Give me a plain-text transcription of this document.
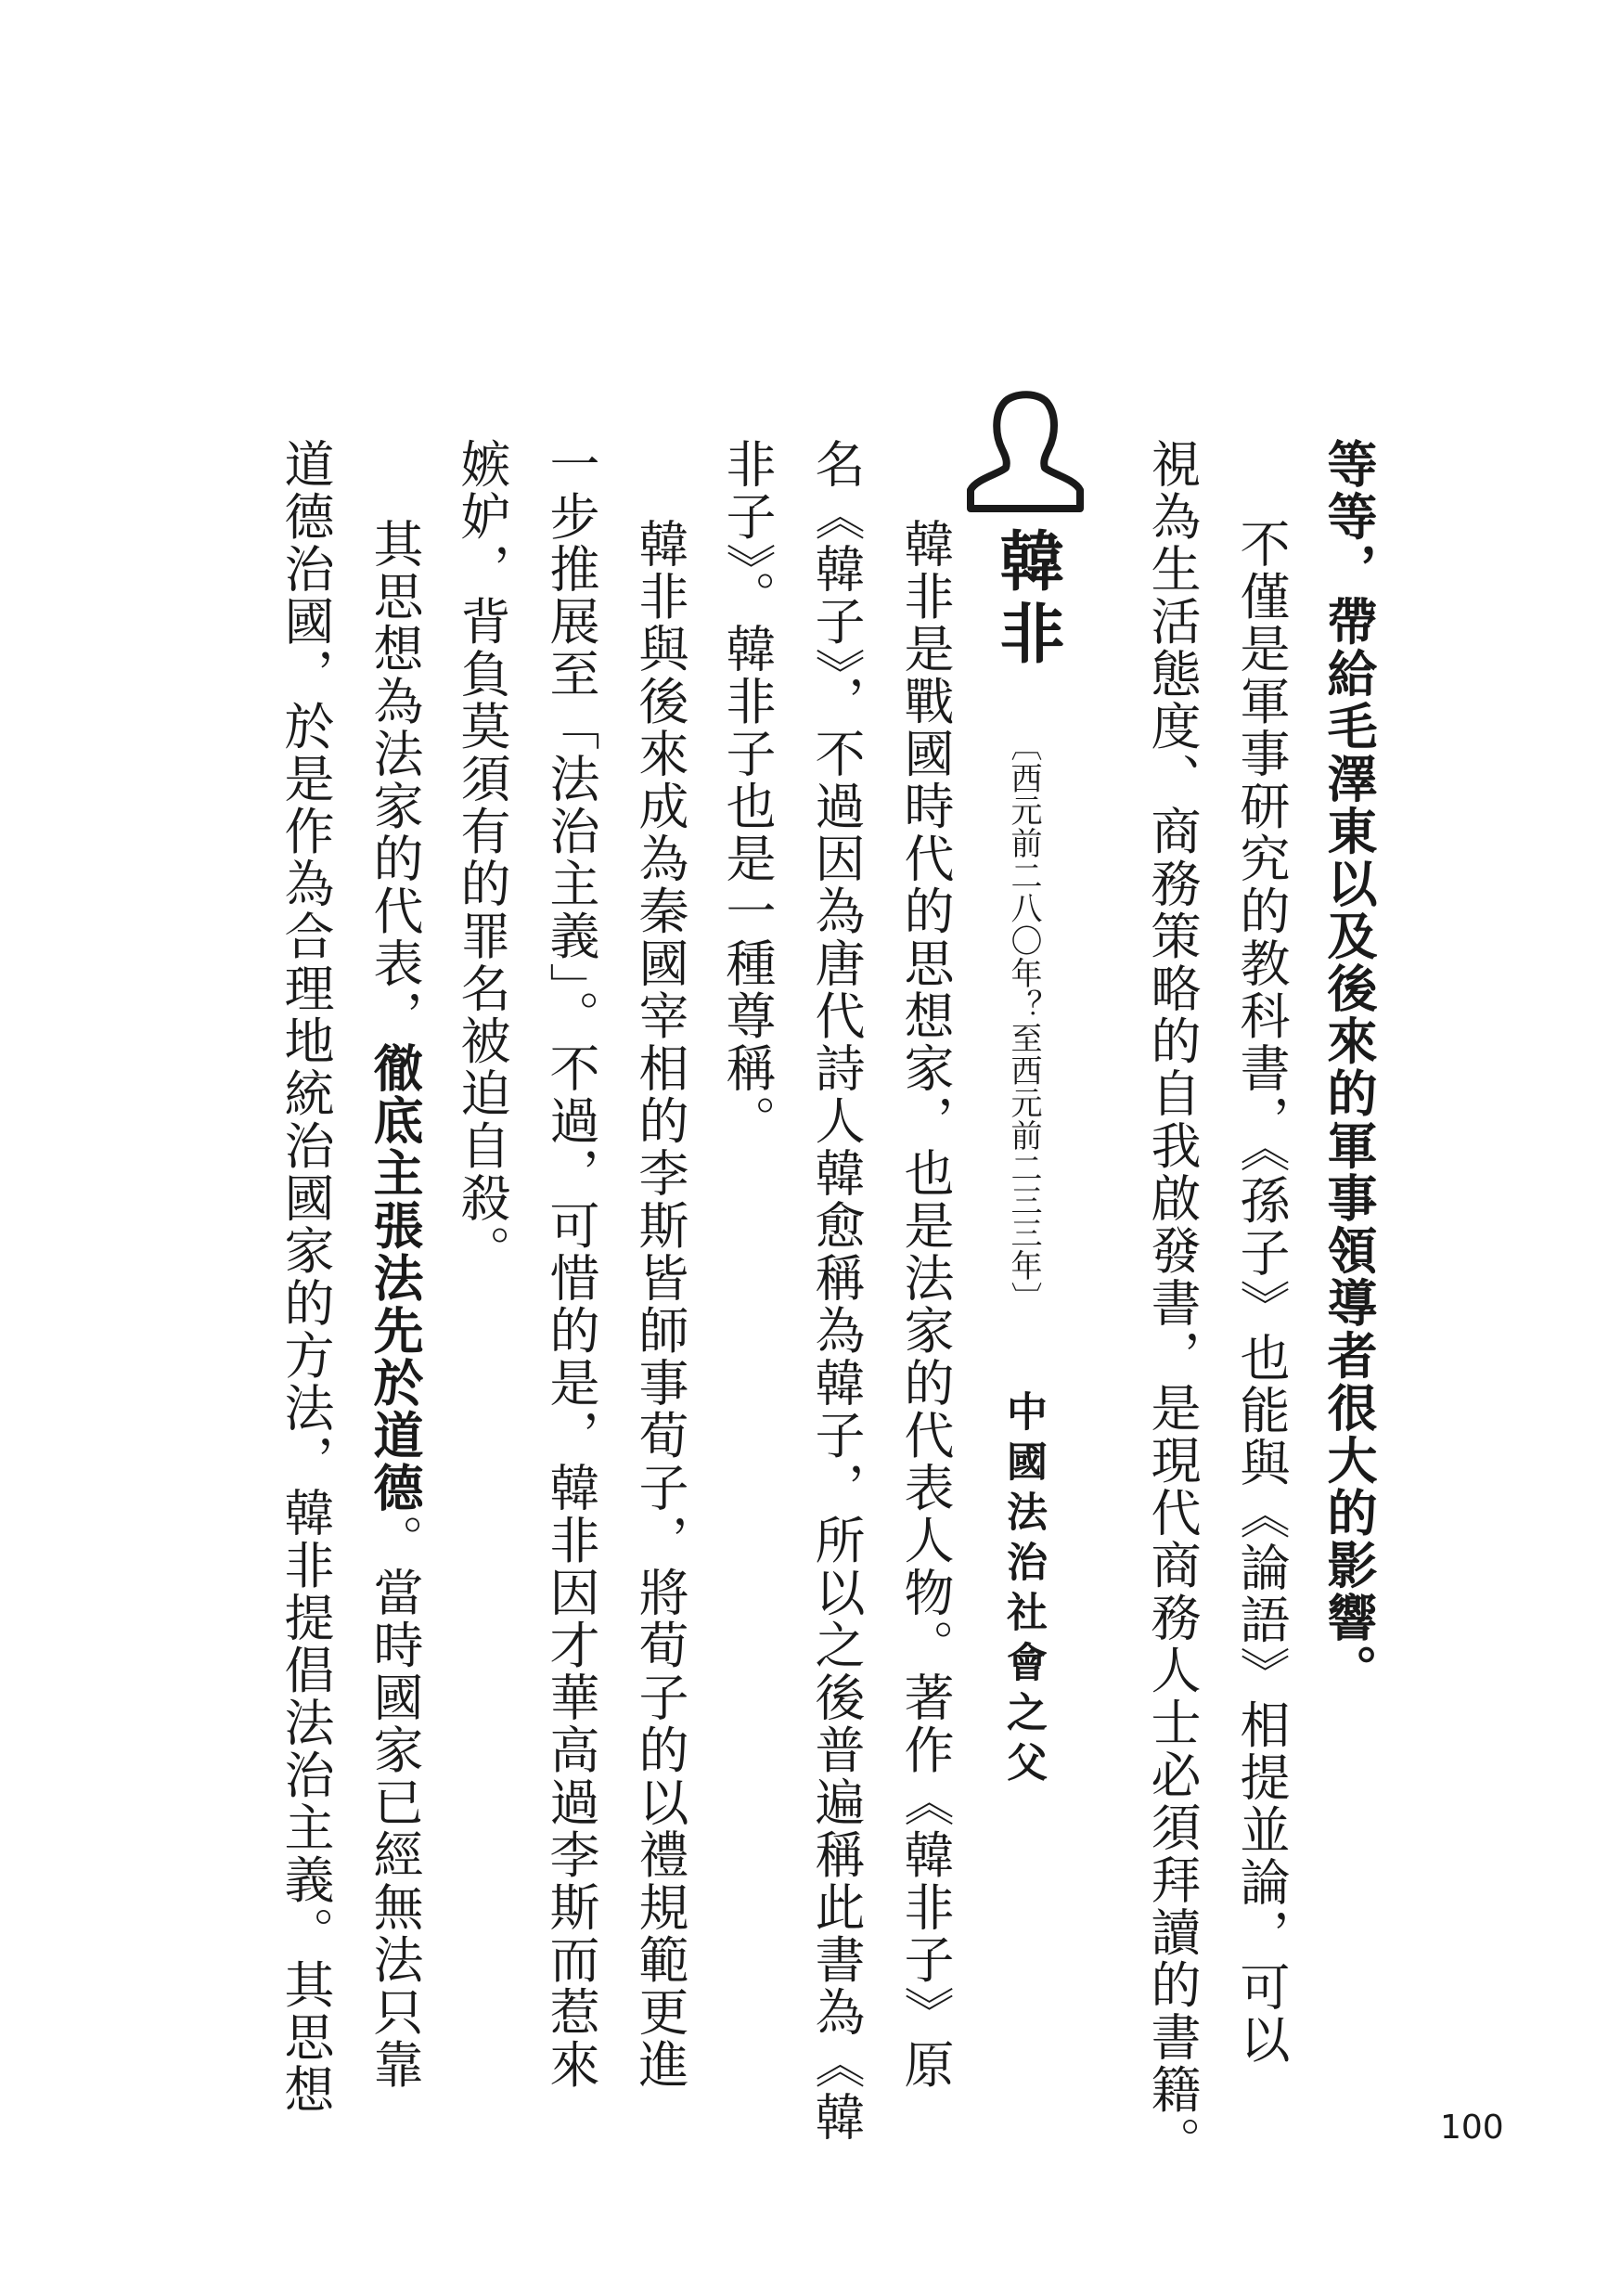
等等，帶給毛澤東以及後來的軍事領導者很大的影響。
不僅是軍事研究的教科書，《孫子》也能與《論語》相提並論，可以
視為生活態度、商務策略的自我啟發書，是現代商務人士必須拜讀的書籍。
韓非
〔西元前二八〇年？至西元前二三三年〕
中國法治社會之父
韓非是戰國時代的思想家，也是法家的代表人物。著作《韓非子》原
名《韓子》，不過因為唐代詩人韓愈稱為韓子，所以之後普遍稱此書為《韓
非子》。韓非子也是一種尊稱。
韓非與後來成為秦國宰相的李斯皆師事荀子，將荀子的以禮規範更進
一步推展至「法治主義」。不過，可惜的是，韓非因才華高過李斯而惹來
嫉妒，背負莫須有的罪名被迫自殺。
其思想為法家的代表，徹底主張法先於道德。當時國家已經無法只靠
道德治國，於是作為合理地統治國家的方法，韓非提倡法治主義。其思想
100
